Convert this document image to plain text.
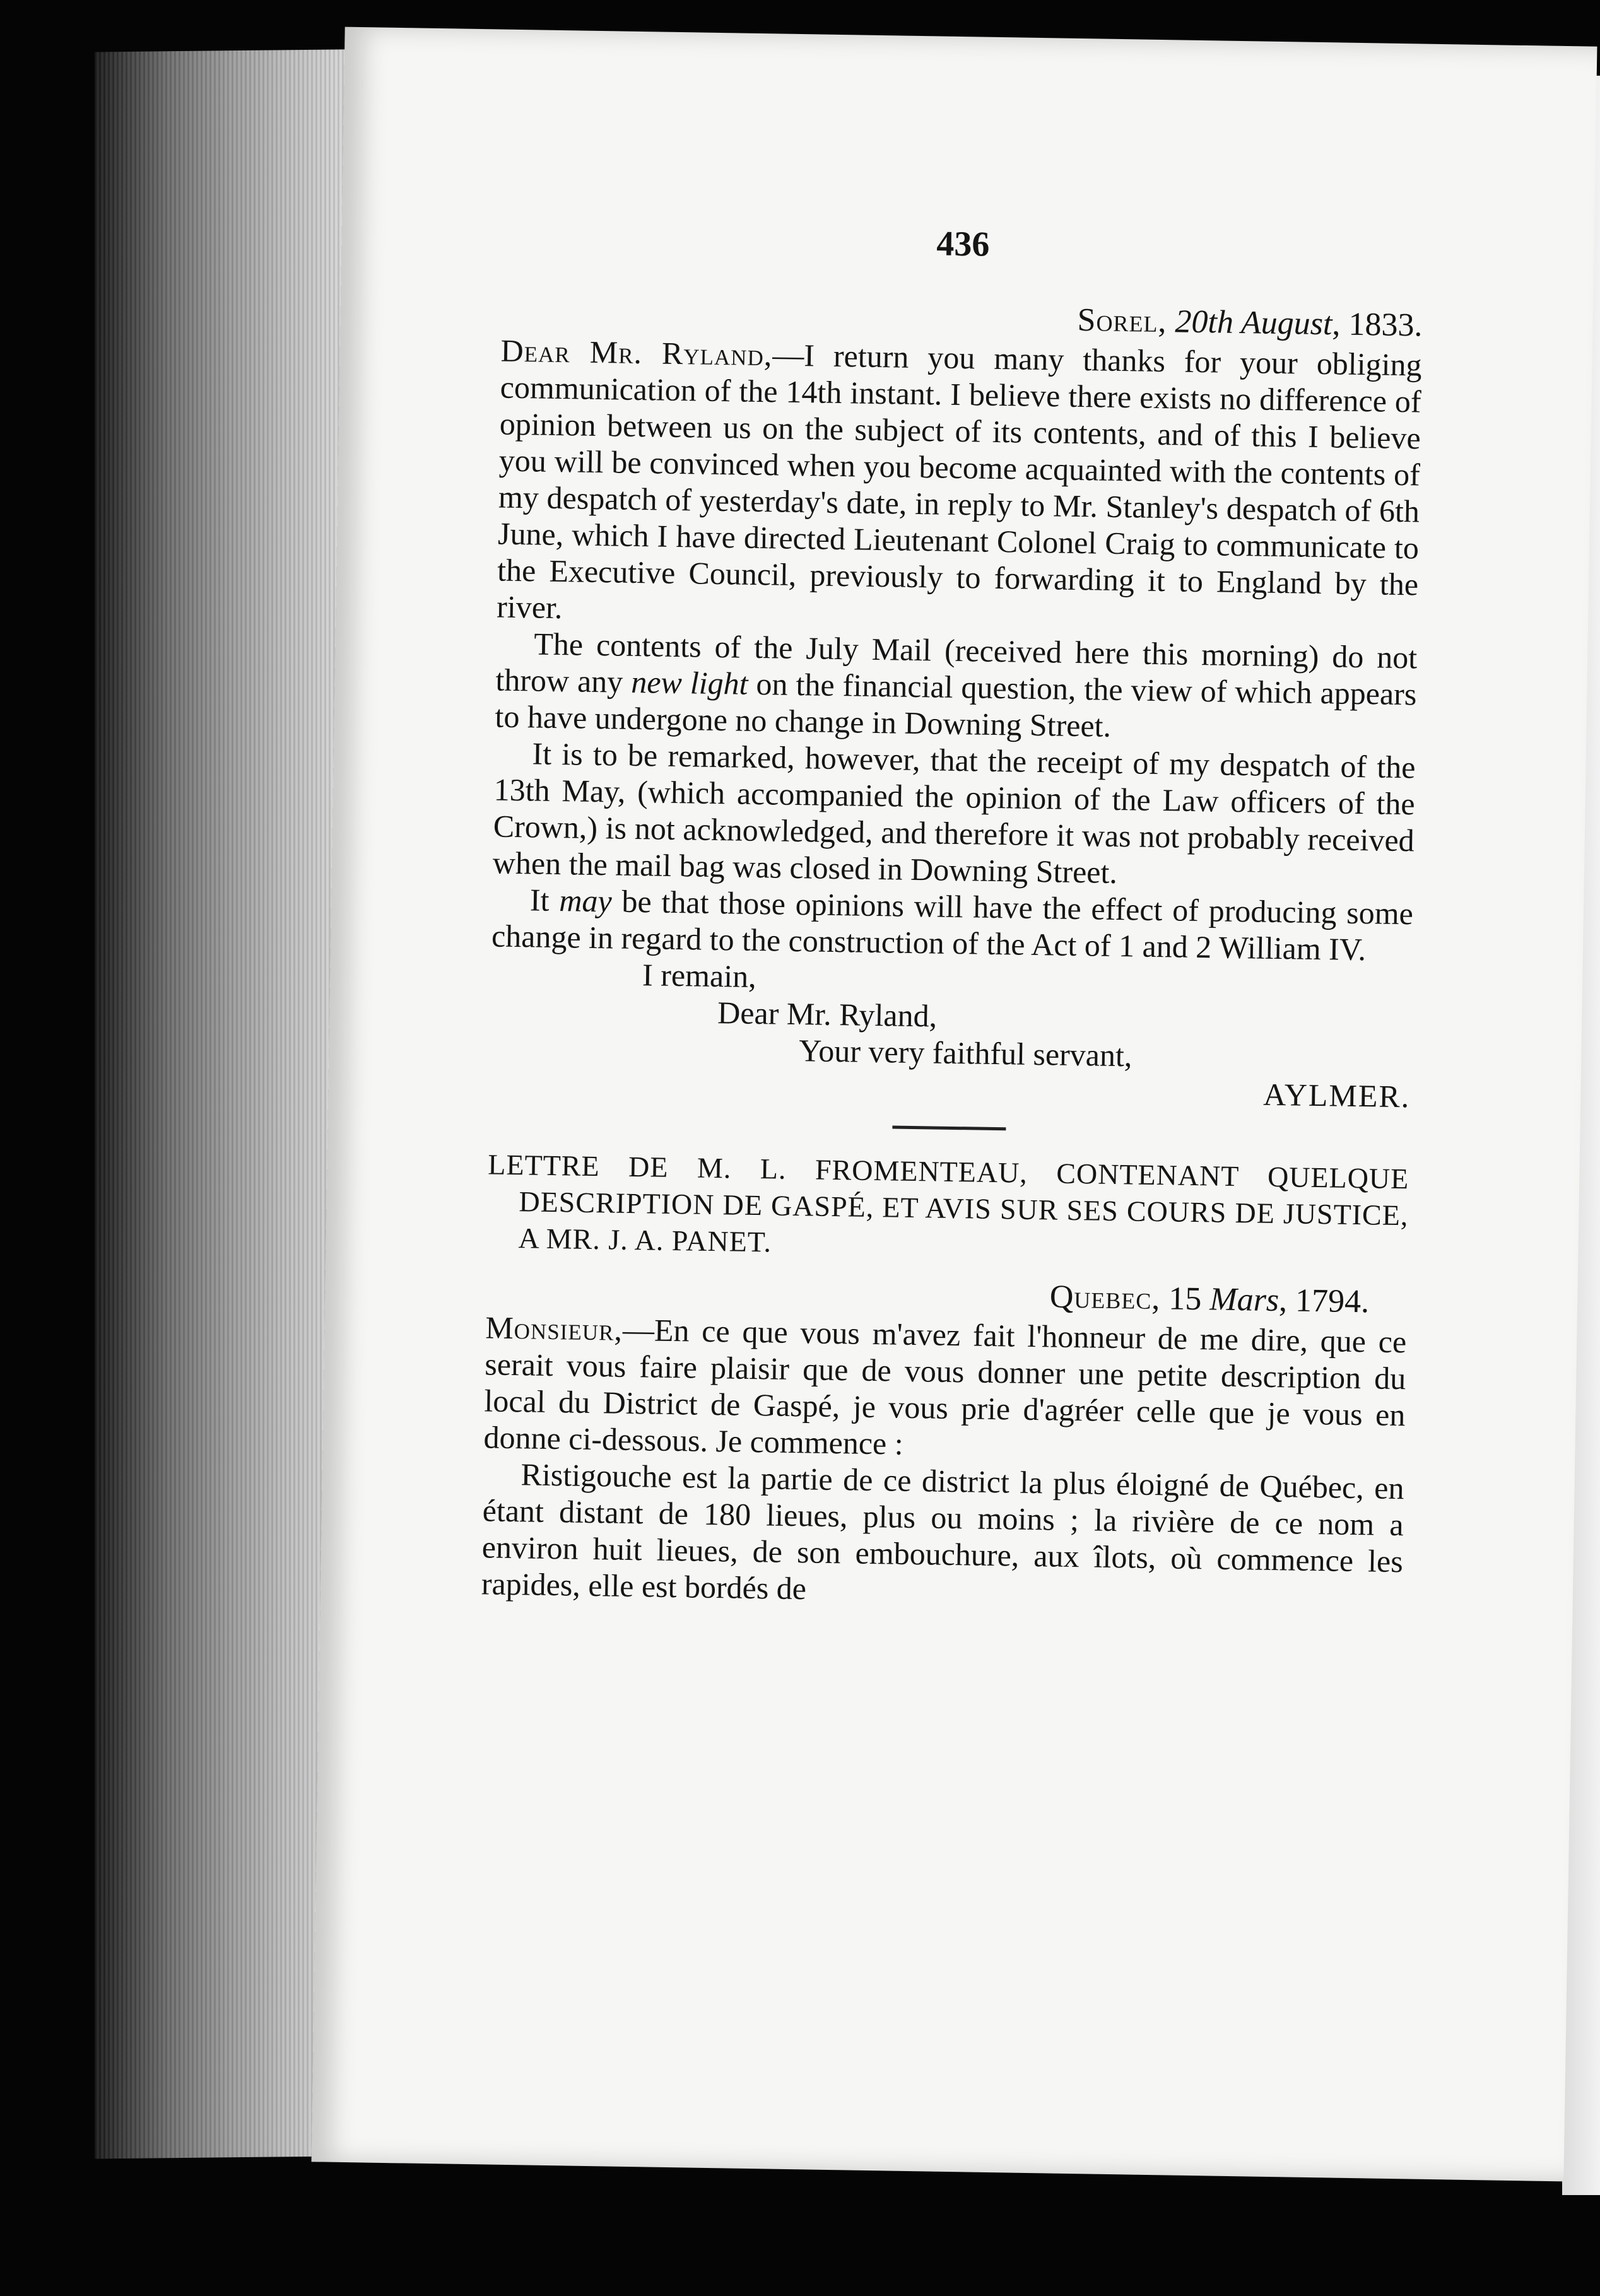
436
Sorel, 20th August, 1833.

Dear Mr. Ryland,—I return you many thanks for your obliging communication of the 14th instant. I believe there exists no difference of opinion between us on the subject of its contents, and of this I believe you will be convinced when you become acquainted with the contents of my despatch of yesterday's date, in reply to Mr. Stanley's despatch of 6th June, which I have directed Lieutenant Colonel Craig to communicate to the Executive Council, previously to forwarding it to England by the river.

The contents of the July Mail (received here this morning) do not throw any new light on the financial question, the view of which appears to have undergone no change in Downing Street.

It is to be remarked, however, that the receipt of my despatch of the 13th May, (which accompanied the opinion of the Law officers of the Crown,) is not acknowledged, and therefore it was not probably received when the mail bag was closed in Downing Street.

It may be that those opinions will have the effect of producing some change in regard to the construction of the Act of 1 and 2 William IV.

I remain,

Dear Mr. Ryland,

Your very faithful servant,

AYLMER.

LETTRE DE M. L. FROMENTEAU, CONTENANT QUELQUE DESCRIPTION DE GASPÉ, ET AVIS SUR SES COURS DE JUSTICE, A MR. J. A. PANET.

Quebec, 15 Mars, 1794.

Monsieur,—En ce que vous m'avez fait l'honneur de me dire, que ce serait vous faire plaisir que de vous donner une petite description du local du District de Gaspé, je vous prie d'agréer celle que je vous en donne ci-dessous. Je commence :

Ristigouche est la partie de ce district la plus éloigné de Québec, en étant distant de 180 lieues, plus ou moins ; la rivière de ce nom a environ huit lieues, de son embouchure, aux îlots, où commence les rapides, elle est bordés de
